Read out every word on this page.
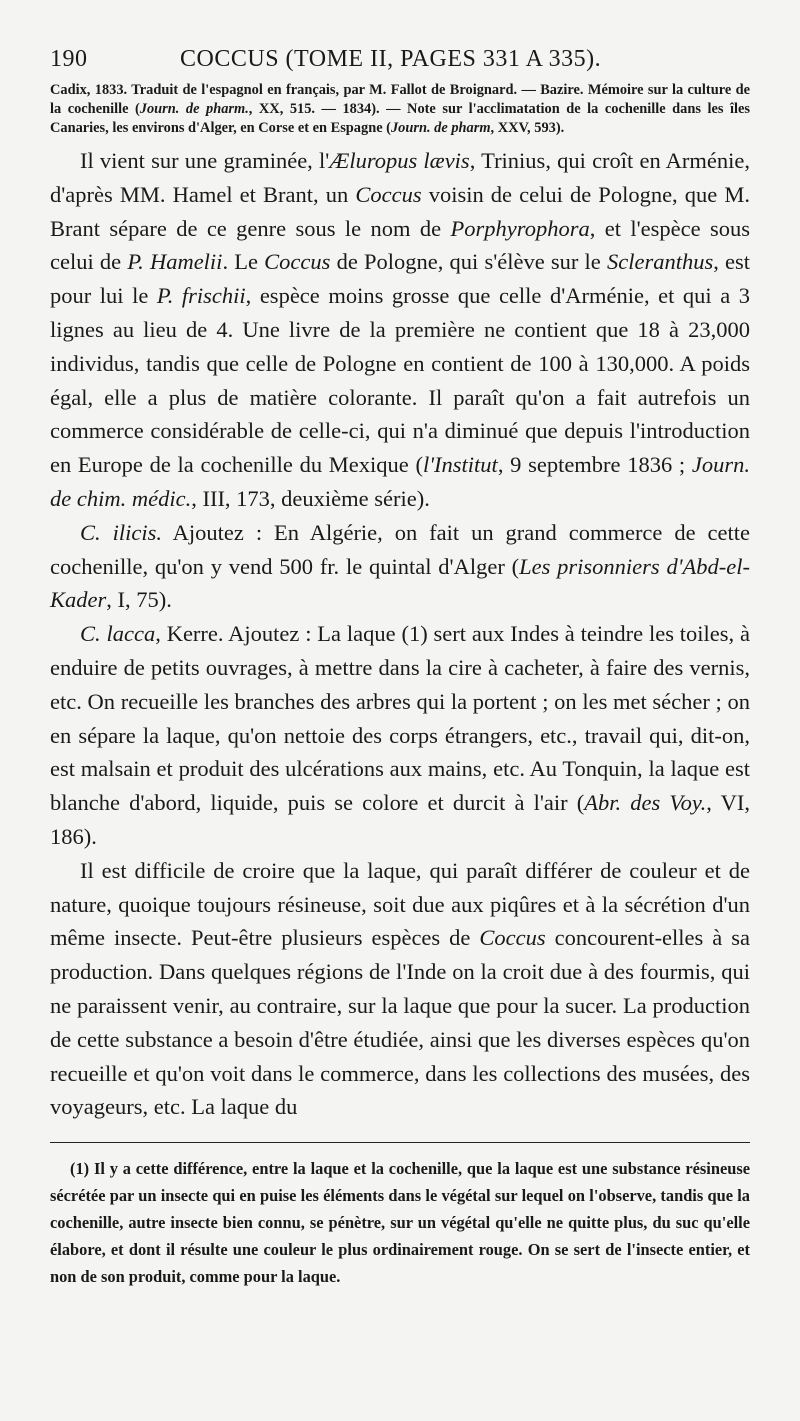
190	COCCUS (TOME II, PAGES 331 A 335).

Cadix, 1833. Traduit de l'espagnol en français, par M. Fallot de Broignard. — Bazire. Mémoire sur la culture de la cochenille (Journ. de pharm., XX, 515. — 1834). — Note sur l'acclimatation de la cochenille dans les îles Canaries, les environs d'Alger, en Corse et en Espagne (Journ. de pharm, XXV, 593).

Il vient sur une graminée, l'Æluropus lævis, Trinius, qui croît en Arménie, d'après MM. Hamel et Brant, un Coccus voisin de celui de Pologne, que M. Brant sépare de ce genre sous le nom de Porphyrophora, et l'espèce sous celui de P. Hamelii. Le Coccus de Pologne, qui s'élève sur le Scleranthus, est pour lui le P. frischii, espèce moins grosse que celle d'Arménie, et qui a 3 lignes au lieu de 4. Une livre de la première ne contient que 18 à 23,000 individus, tandis que celle de Pologne en contient de 100 à 130,000. A poids égal, elle a plus de matière colorante. Il paraît qu'on a fait autrefois un commerce considérable de celle-ci, qui n'a diminué que depuis l'introduction en Europe de la cochenille du Mexique (l'Institut, 9 septembre 1836 ; Journ. de chim. médic., III, 173, deuxième série).

C. ilicis. Ajoutez : En Algérie, on fait un grand commerce de cette cochenille, qu'on y vend 500 fr. le quintal d'Alger (Les prisonniers d'Abd-el-Kader, I, 75).

C. lacca, Kerre. Ajoutez : La laque (1) sert aux Indes à teindre les toiles, à enduire de petits ouvrages, à mettre dans la cire à cacheter, à faire des vernis, etc. On recueille les branches des arbres qui la portent ; on les met sécher ; on en sépare la laque, qu'on nettoie des corps étrangers, etc., travail qui, dit-on, est malsain et produit des ulcérations aux mains, etc. Au Tonquin, la laque est blanche d'abord, liquide, puis se colore et durcit à l'air (Abr. des Voy., VI, 186).

Il est difficile de croire que la laque, qui paraît différer de couleur et de nature, quoique toujours résineuse, soit due aux piqûres et à la sécrétion d'un même insecte. Peut-être plusieurs espèces de Coccus concourent-elles à sa production. Dans quelques régions de l'Inde on la croit due à des fourmis, qui ne paraissent venir, au contraire, sur la laque que pour la sucer. La production de cette substance a besoin d'être étudiée, ainsi que les diverses espèces qu'on recueille et qu'on voit dans le commerce, dans les collections des musées, des voyageurs, etc. La laque du

(1) Il y a cette différence, entre la laque et la cochenille, que la laque est une substance résineuse sécrétée par un insecte qui en puise les éléments dans le végétal sur lequel on l'observe, tandis que la cochenille, autre insecte bien connu, se pénètre, sur un végétal qu'elle ne quitte plus, du suc qu'elle élabore, et dont il résulte une couleur le plus ordinairement rouge. On se sert de l'insecte entier, et non de son produit, comme pour la laque.
